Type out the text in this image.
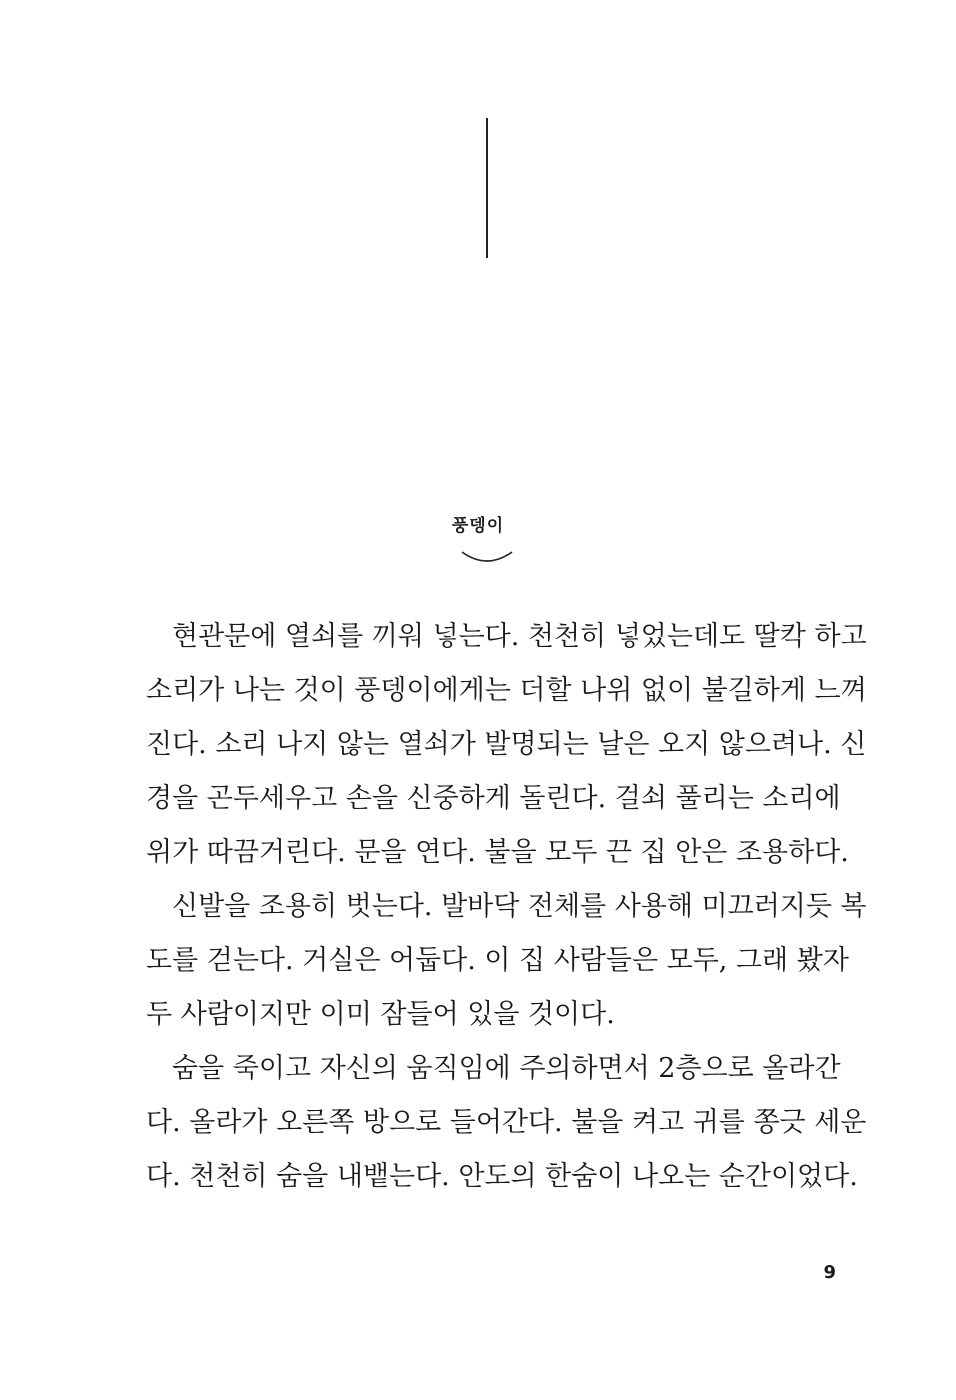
풍뎅이
현관문에 열쇠를 끼워 넣는다. 천천히 넣었는데도 딸칵 하고
소리가 나는 것이 풍뎅이에게는 더할 나위 없이 불길하게 느껴
진다. 소리 나지 않는 열쇠가 발명되는 날은 오지 않으려나. 신
경을 곤두세우고 손을 신중하게 돌린다. 걸쇠 풀리는 소리에
위가 따끔거린다. 문을 연다. 불을 모두 끈 집 안은 조용하다.
신발을 조용히 벗는다. 발바닥 전체를 사용해 미끄러지듯 복
도를 걷는다. 거실은 어둡다. 이 집 사람들은 모두, 그래 봤자
두 사람이지만 이미 잠들어 있을 것이다.
숨을 죽이고 자신의 움직임에 주의하면서 2층으로 올라간
다. 올라가 오른쪽 방으로 들어간다. 불을 켜고 귀를 쫑긋 세운
다. 천천히 숨을 내뱉는다. 안도의 한숨이 나오는 순간이었다.
9
